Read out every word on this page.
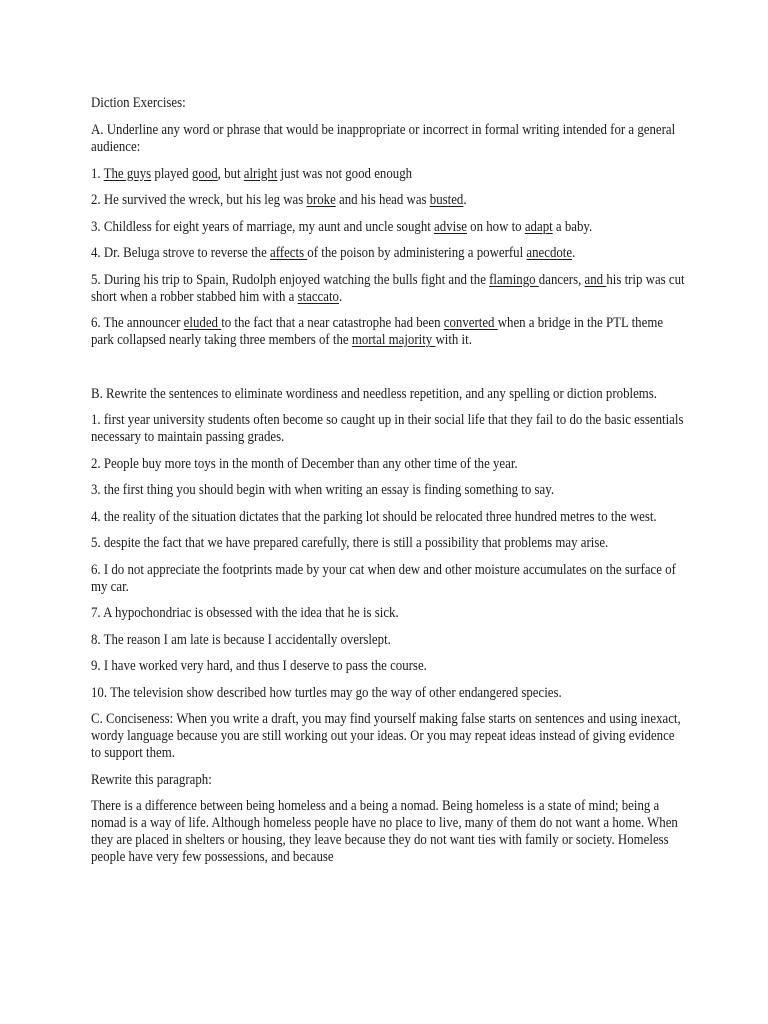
Diction Exercises:

A. Underline any word or phrase that would be inappropriate or incorrect in formal writing intended for a general audience:

1. The guys played good, but alright just was not good enough

2. He survived the wreck, but his leg was broke and his head was busted.

3. Childless for eight years of marriage, my aunt and uncle sought advise on how to adapt a baby.

4. Dr. Beluga strove to reverse the affects of the poison by administering a powerful anecdote.

5. During his trip to Spain, Rudolph enjoyed watching the bulls fight and the flamingo dancers, and his trip was cut short when a robber stabbed him with a staccato.

6. The announcer eluded to the fact that a near catastrophe had been converted when a bridge in the PTL theme park collapsed nearly taking three members of the mortal majority with it.

B. Rewrite the sentences to eliminate wordiness and needless repetition, and any spelling or diction problems.

1. first year university students often become so caught up in their social life that they fail to do the basic essentials necessary to maintain passing grades.

2. People buy more toys in the month of December than any other time of the year.

3. the first thing you should begin with when writing an essay is finding something to say.

4. the reality of the situation dictates that the parking lot should be relocated three hundred metres to the west.

5. despite the fact that we have prepared carefully, there is still a possibility that problems may arise.

6. I do not appreciate the footprints made by your cat when dew and other moisture accumulates on the surface of my car.

7. A hypochondriac is obsessed with the idea that he is sick.

8. The reason I am late is because I accidentally overslept.

9. I have worked very hard, and thus I deserve to pass the course.

10. The television show described how turtles may go the way of other endangered species.

C. Conciseness: When you write a draft, you may find yourself making false starts on sentences and using inexact, wordy language because you are still working out your ideas. Or you may repeat ideas instead of giving evidence to support them.

Rewrite this paragraph:

There is a difference between being homeless and a being a nomad. Being homeless is a state of mind; being a nomad is a way of life. Although homeless people have no place to live, many of them do not want a home. When they are placed in shelters or housing, they leave because they do not want ties with family or society. Homeless people have very few possessions, and because
